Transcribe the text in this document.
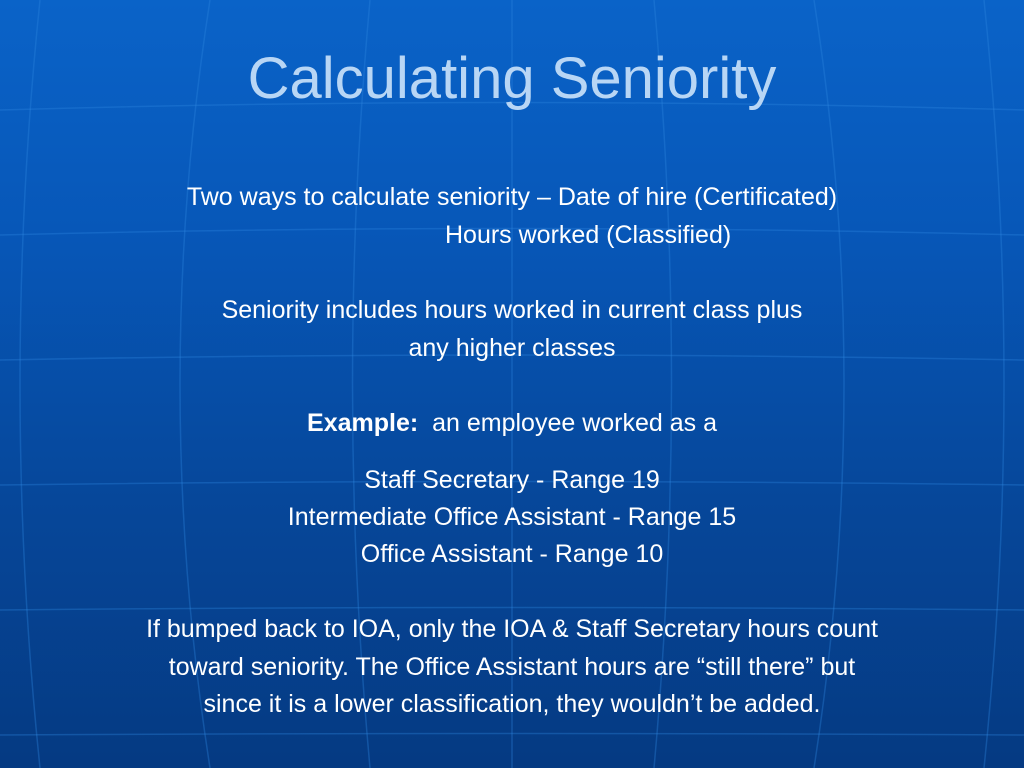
Calculating Seniority

Two ways to calculate seniority – Date of hire (Certificated)

Hours worked (Classified)

Seniority includes hours worked in current class plus

any higher classes

Example: an employee worked as a

Staff Secretary - Range 19

Intermediate Office Assistant - Range 15

Office Assistant - Range 10

If bumped back to IOA, only the IOA & Staff Secretary hours count

toward seniority. The Office Assistant hours are “still there” but

since it is a lower classification, they wouldn’t be added.
